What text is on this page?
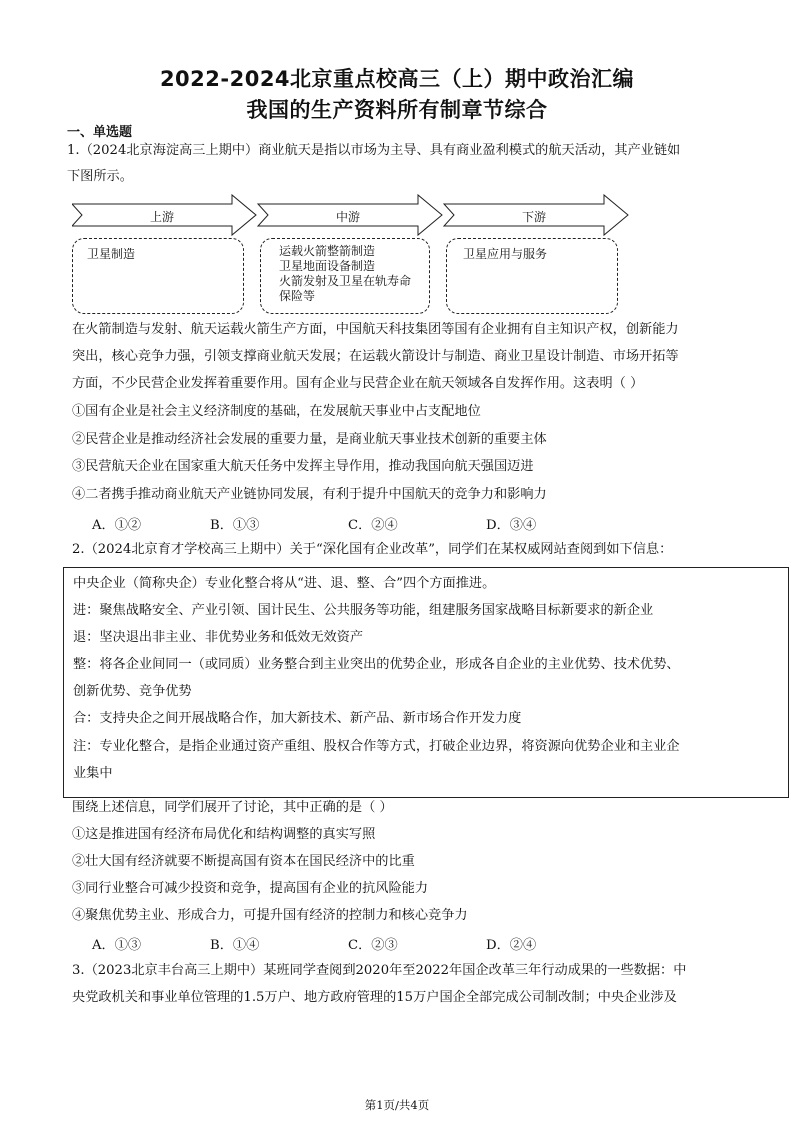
2022-2024北京重点校高三（上）期中政治汇编
我国的生产资料所有制章节综合
一、单选题
1.（2024北京海淀高三上期中）商业航天是指以市场为主导、具有商业盈利模式的航天活动，其产业链如
下图所示。
上游	中游	下游
卫星制造	运载火箭整箭制造
卫星地面设备制造
火箭发射及卫星在轨寿命
保险等
卫星应用与服务
在火箭制造与发射、航天运载火箭生产方面，中国航天科技集团等国有企业拥有自主知识产权，创新能力
突出，核心竞争力强，引领支撑商业航天发展；在运载火箭设计与制造、商业卫星设计制造、市场开拓等
方面，不少民营企业发挥着重要作用。国有企业与民营企业在航天领域各自发挥作用。这表明（ ）
①国有企业是社会主义经济制度的基础，在发展航天事业中占支配地位
②民营企业是推动经济社会发展的重要力量，是商业航天事业技术创新的重要主体
③民营航天企业在国家重大航天任务中发挥主导作用，推动我国向航天强国迈进
④二者携手推动商业航天产业链协同发展，有利于提升中国航天的竞争力和影响力
A．①②	B．①③	C．②④	D．③④
2.（2024北京育才学校高三上期中）关于“深化国有企业改革”，同学们在某权威网站查阅到如下信息：
中央企业（简称央企）专业化整合将从“进、退、整、合”四个方面推进。
进：聚焦战略安全、产业引领、国计民生、公共服务等功能，组建服务国家战略目标新要求的新企业
退：坚决退出非主业、非优势业务和低效无效资产
整：将各企业间同一（或同质）业务整合到主业突出的优势企业，形成各自企业的主业优势、技术优势、
创新优势、竞争优势
合：支持央企之间开展战略合作，加大新技术、新产品、新市场合作开发力度
注：专业化整合，是指企业通过资产重组、股权合作等方式，打破企业边界，将资源向优势企业和主业企
业集中
围绕上述信息，同学们展开了讨论，其中正确的是（ ）
①这是推进国有经济布局优化和结构调整的真实写照
②壮大国有经济就要不断提高国有资本在国民经济中的比重
③同行业整合可减少投资和竞争，提高国有企业的抗风险能力
④聚焦优势主业、形成合力，可提升国有经济的控制力和核心竞争力
A．①③	B．①④	C．②③	D．②④
3.（2023北京丰台高三上期中）某班同学查阅到2020年至2022年国企改革三年行动成果的一些数据：中
央党政机关和事业单位管理的1.5万户、地方政府管理的15万户国企全部完成公司制改制；中央企业涉及
第1页/共4页
